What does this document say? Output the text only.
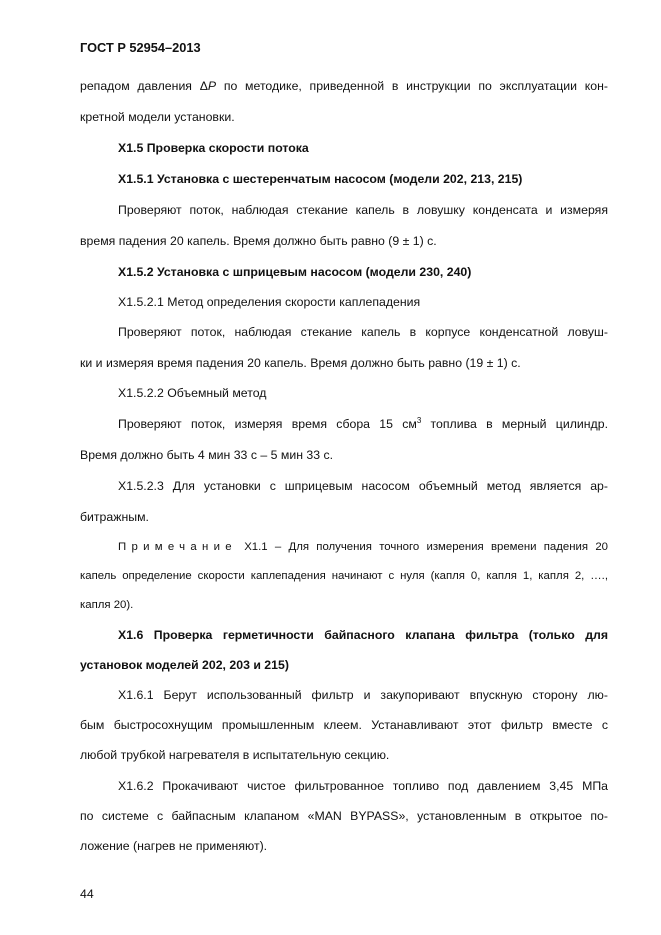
ГОСТ Р 52954–2013
репадом давления ΔP по методике, приведенной в инструкции по эксплуатации кон-
кретной модели установки.
Х1.5 Проверка скорости потока
Х1.5.1 Установка с шестеренчатым насосом (модели 202, 213, 215)
Проверяют поток, наблюдая стекание капель в ловушку конденсата и измеряя
время падения 20 капель. Время должно быть равно (9 ± 1) с.
Х1.5.2 Установка с шприцевым насосом (модели 230, 240)
Х1.5.2.1 Метод определения скорости каплепадения
Проверяют поток, наблюдая стекание капель в корпусе конденсатной ловуш-
ки и измеряя время падения 20 капель. Время должно быть равно (19 ± 1) с.
Х1.5.2.2 Объемный метод
Проверяют поток, измеряя время сбора 15 $см^3$ топлива в мерный цилиндр.
Время должно быть 4 мин 33 с – 5 мин 33 с.
Х1.5.2.3 Для установки с шприцевым насосом объемный метод является ар-
битражным.
Примечание Х1.1 – Для получения точного измерения времени падения 20
капель определение скорости каплепадения начинают с нуля (капля 0, капля 1, капля 2, ….,
капля 20).
Х1.6 Проверка герметичности байпасного клапана фильтра (только для
установок моделей 202, 203 и 215)
Х1.6.1 Берут использованный фильтр и закупоривают впускную сторону лю-
бым быстросохнущим промышленным клеем. Устанавливают этот фильтр вместе с
любой трубкой нагревателя в испытательную секцию.
Х1.6.2 Прокачивают чистое фильтрованное топливо под давлением 3,45 МПа
по системе с байпасным клапаном «MAN BYPASS», установленным в открытое по-
ложение (нагрев не применяют).
44
